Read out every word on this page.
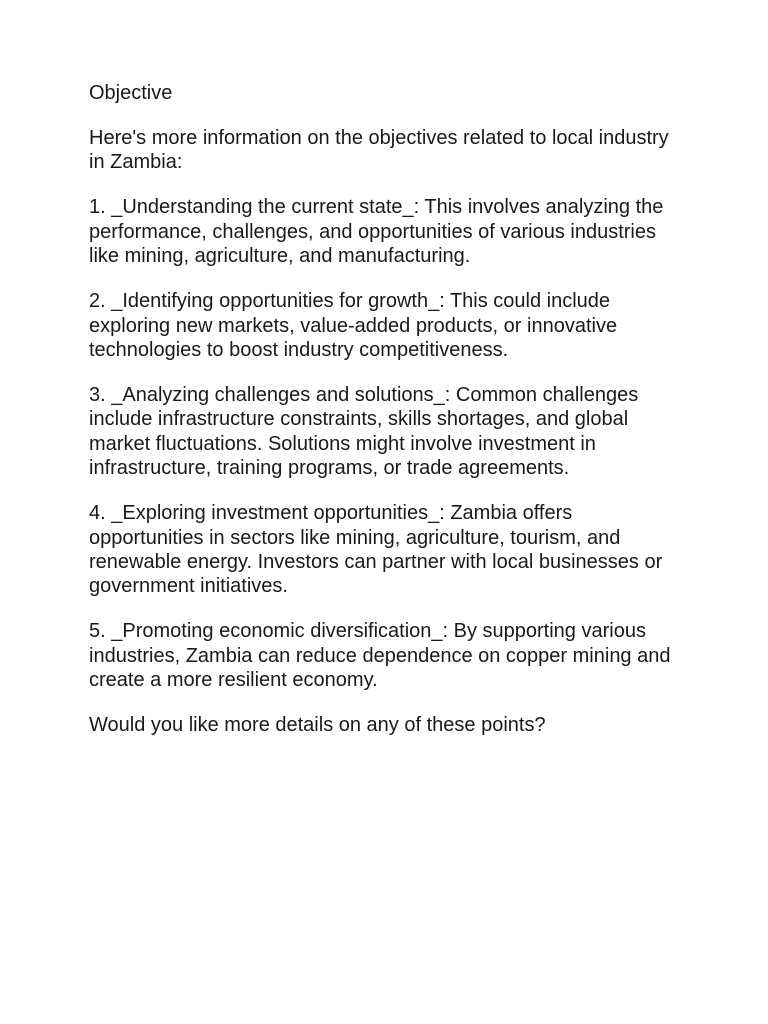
Objective

Here's more information on the objectives related to local industry in Zambia:

1. _Understanding the current state_: This involves analyzing the performance, challenges, and opportunities of various industries like mining, agriculture, and manufacturing.

2. _Identifying opportunities for growth_: This could include exploring new markets, value-added products, or innovative technologies to boost industry competitiveness.

3. _Analyzing challenges and solutions_: Common challenges include infrastructure constraints, skills shortages, and global market fluctuations. Solutions might involve investment in infrastructure, training programs, or trade agreements.

4. _Exploring investment opportunities_: Zambia offers opportunities in sectors like mining, agriculture, tourism, and renewable energy. Investors can partner with local businesses or government initiatives.

5. _Promoting economic diversification_: By supporting various industries, Zambia can reduce dependence on copper mining and create a more resilient economy.

Would you like more details on any of these points?
